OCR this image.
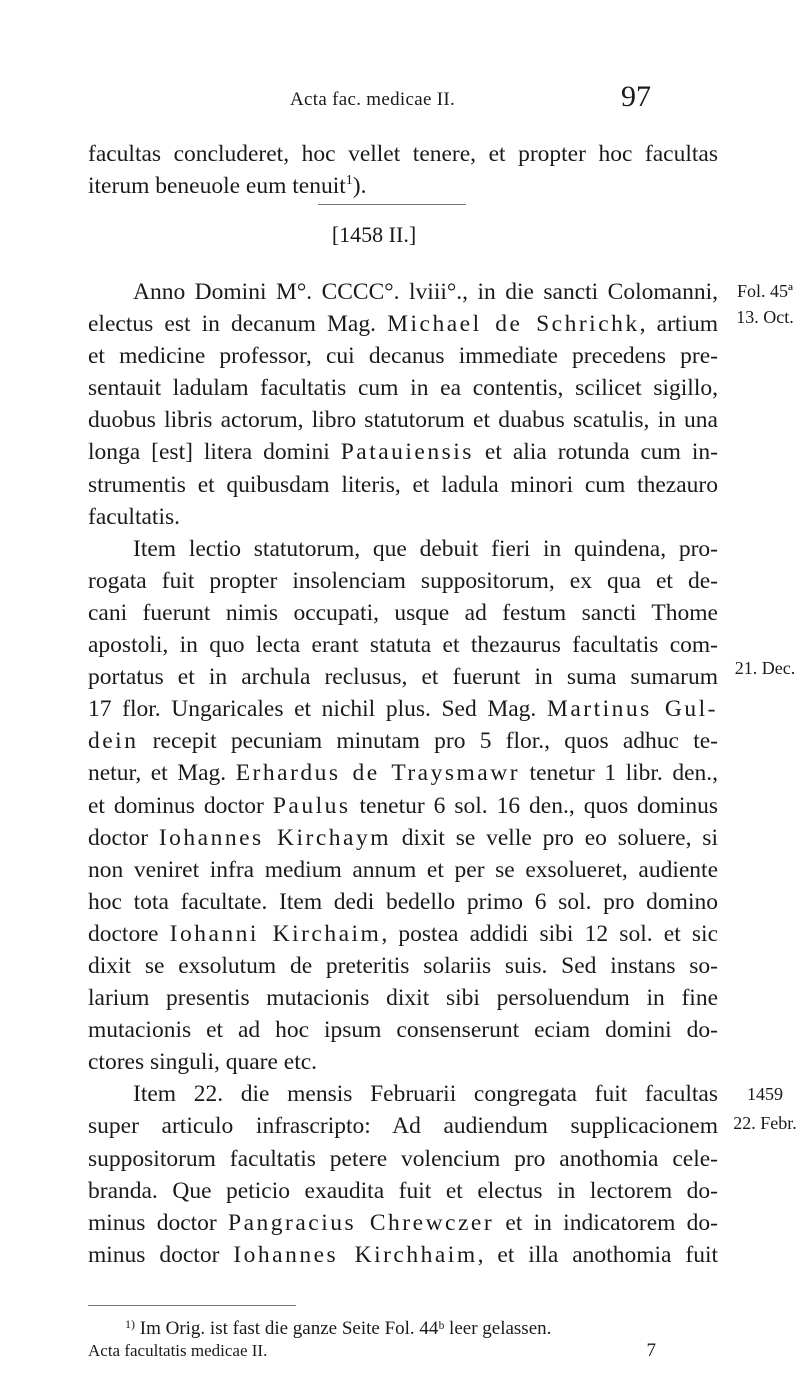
Acta fac. medicae II.	97
facultas concluderet, hoc vellet tenere, et propter hoc facultas
iterum beneuole eum tenuit$^1$).
[1458 II.]
Anno Domini M°. CCCC°. lviii°., in die sancti Colomanni,
electus est in decanum Mag. Michael de Schrichk, artium
et medicine professor, cui decanus immediate precedens pre-
sentauit ladulam facultatis cum in ea contentis, scilicet sigillo,
duobus libris actorum, libro statutorum et duabus scatulis, in una
longa [est] litera domini Patauiensis et alia rotunda cum in-
strumentis et quibusdam literis, et ladula minori cum thezauro
facultatis.
Item lectio statutorum, que debuit fieri in quindena, pro-
rogata fuit propter insolenciam suppositorum, ex qua et de-
cani fuerunt nimis occupati, usque ad festum sancti Thome
apostoli, in quo lecta erant statuta et thezaurus facultatis com-
portatus et in archula reclusus, et fuerunt in suma sumarum
17 flor. Ungaricales et nichil plus. Sed Mag. Martinus Gul-
dein recepit pecuniam minutam pro 5 flor., quos adhuc te-
netur, et Mag. Erhardus de Traysmawr tenetur 1 libr. den.,
et dominus doctor Paulus tenetur 6 sol. 16 den., quos dominus
doctor Iohannes Kirchaym dixit se velle pro eo soluere, si
non veniret infra medium annum et per se exsolueret, audiente
hoc tota facultate. Item dedi bedello primo 6 sol. pro domino
doctore Iohanni Kirchaim, postea addidi sibi 12 sol. et sic
dixit se exsolutum de preteritis solariis suis. Sed instans so-
larium presentis mutacionis dixit sibi persoluendum in fine
mutacionis et ad hoc ipsum consenserunt eciam domini do-
ctores singuli, quare etc.
Item 22. die mensis Februarii congregata fuit facultas
super articulo infrascripto: Ad audiendum supplicacionem
suppositorum facultatis petere volencium pro anothomia cele-
branda. Que peticio exaudita fuit et electus in lectorem do-
minus doctor Pangracius Chrewczer et in indicatorem do-
minus doctor Iohannes Kirchhaim, et illa anothomia fuit
Fol. 45ª
13. Oct.
21. Dec.
1459
22. Febr.
$^{1)}$ Im Orig. ist fast die ganze Seite Fol. 44ᵇ leer gelassen.
Acta facultatis medicae II.	7
